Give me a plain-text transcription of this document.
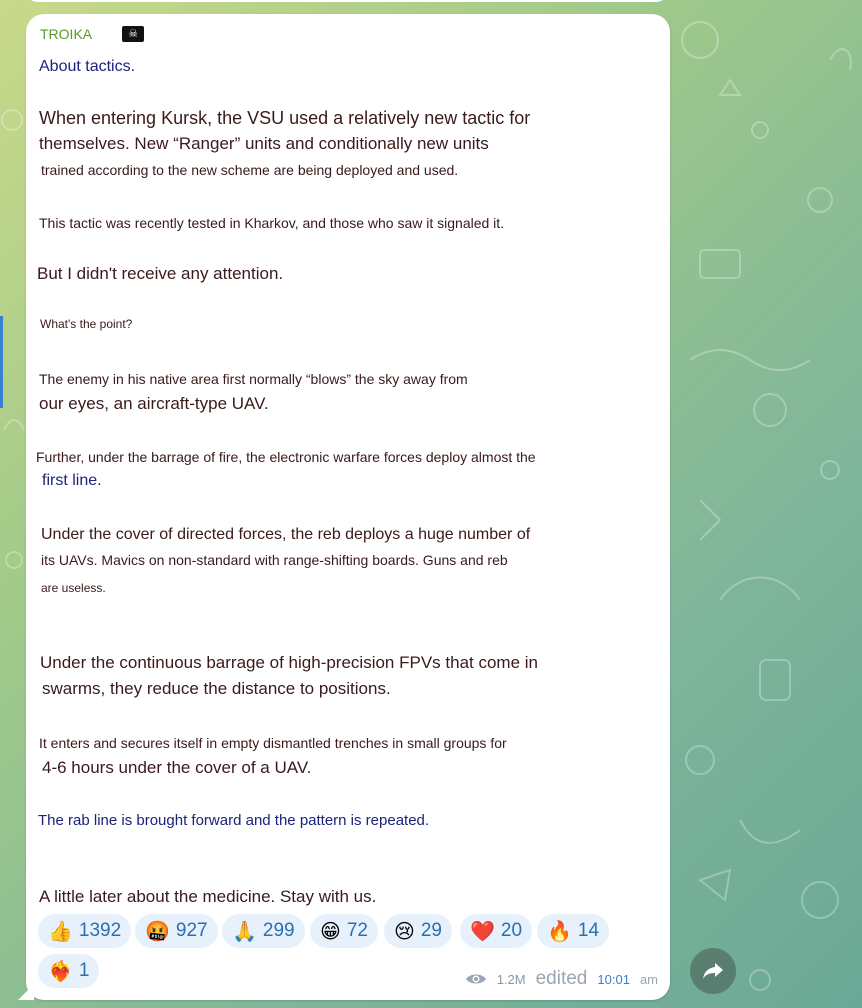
TROIKA	☠
About tactics.
When entering Kursk, the VSU used a relatively new tactic for
themselves. New “Ranger” units and conditionally new units
trained according to the new scheme are being deployed and used.
This tactic was recently tested in Kharkov, and those who saw it signaled it.
But I didn't receive any attention.
What's the point?
The enemy in his native area first normally “blows” the sky away from
our eyes, an aircraft-type UAV.
Further, under the barrage of fire, the electronic warfare forces deploy almost the
first line.
Under the cover of directed forces, the reb deploys a huge number of
its UAVs. Mavics on non-standard with range-shifting boards. Guns and reb
are useless.
Under the continuous barrage of high-precision FPVs that come in
swarms, they reduce the distance to positions.
It enters and secures itself in empty dismantled trenches in small groups for
4-6 hours under the cover of a UAV.
The rab line is brought forward and the pattern is repeated.
A little later about the medicine. Stay with us.
👍 1392 🤬 927 🙏 299 😁 72 😢 29 ❤️ 20 🔥 14
❤️‍🔥 1	1.2M edited 10:01 am
